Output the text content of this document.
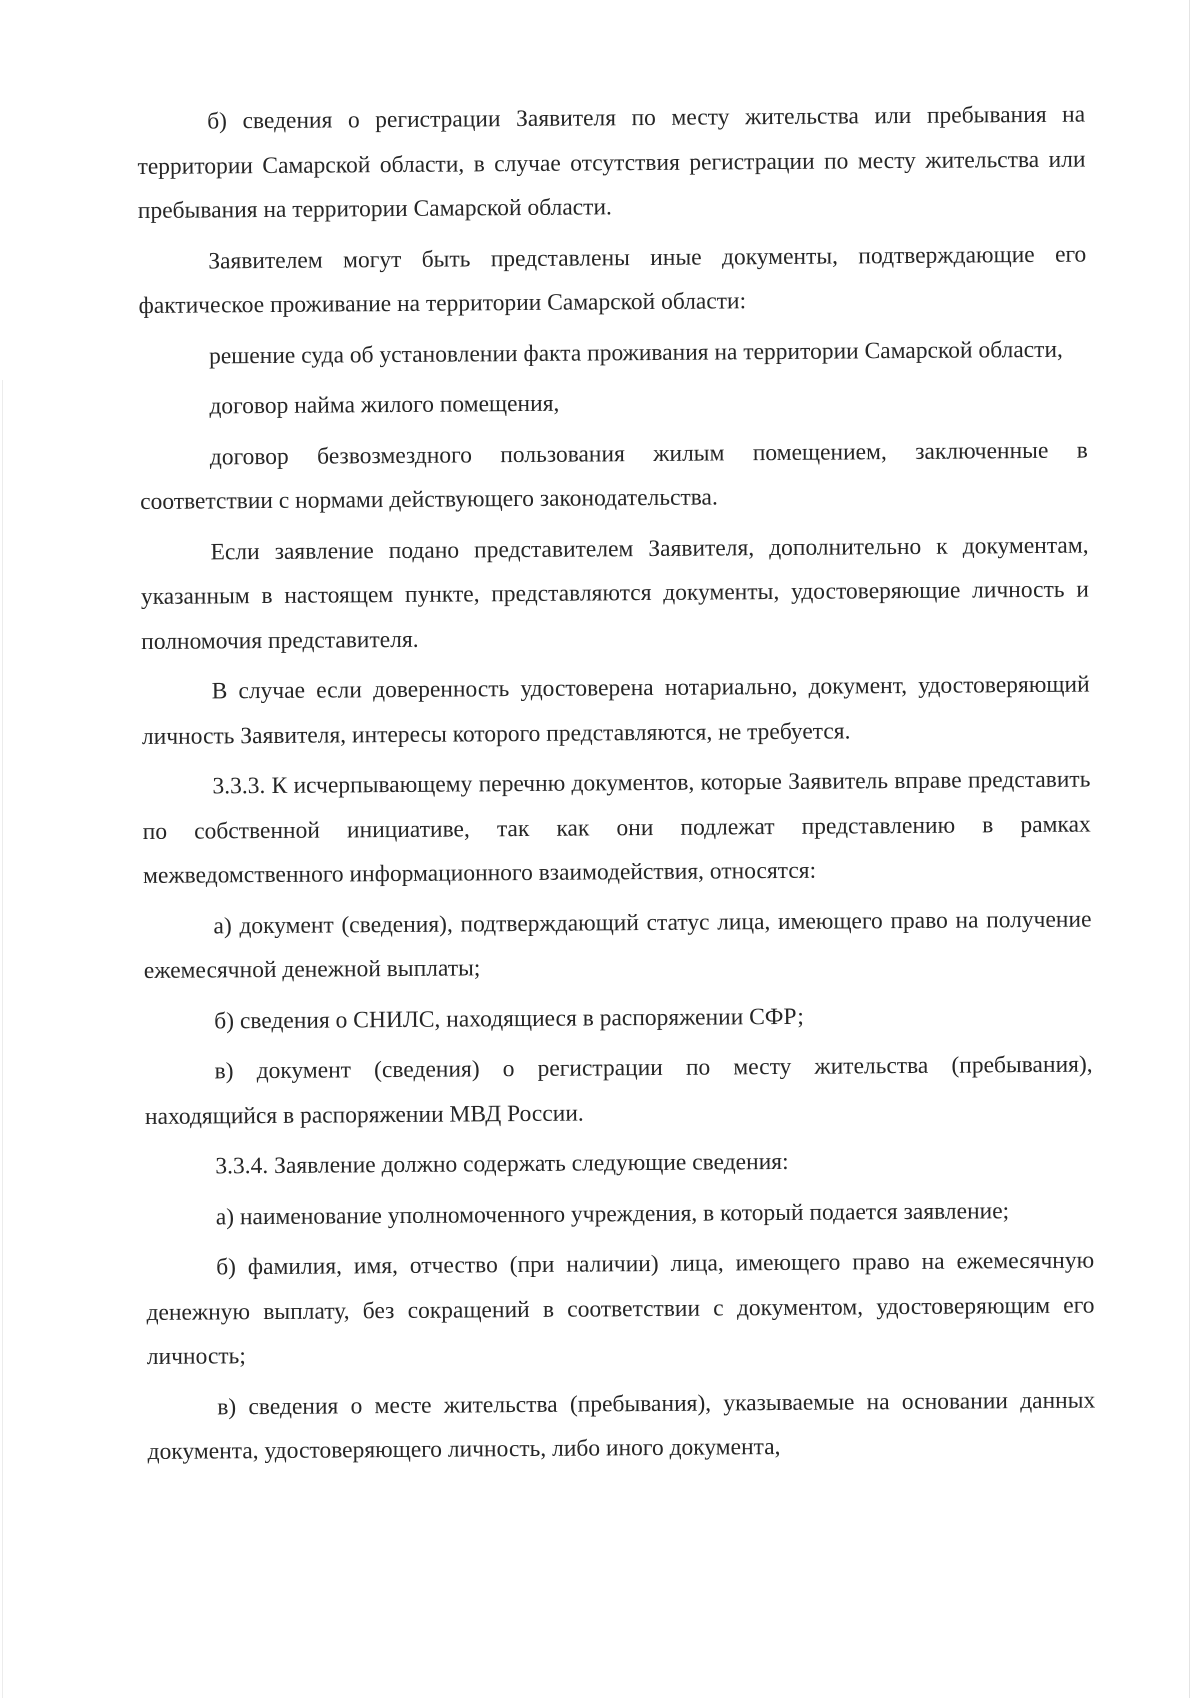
б) сведения о регистрации Заявителя по месту жительства или пребывания на территории Самарской области, в случае отсутствия регистрации по месту жительства или пребывания на территории Самарской области.

Заявителем могут быть представлены иные документы, подтверждающие его фактическое проживание на территории Самарской области:

решение суда об установлении факта проживания на территории Самарской области,

договор найма жилого помещения,

договор безвозмездного пользования жилым помещением, заключенные в соответствии с нормами действующего законодательства.

Если заявление подано представителем Заявителя, дополнительно к документам, указанным в настоящем пункте, представляются документы, удостоверяющие личность и полномочия представителя.

В случае если доверенность удостоверена нотариально, документ, удостоверяющий личность Заявителя, интересы которого представляются, не требуется.

3.3.3. К исчерпывающему перечню документов, которые Заявитель вправе представить по собственной инициативе, так как они подлежат представлению в рамках межведомственного информационного взаимодействия, относятся:

а) документ (сведения), подтверждающий статус лица, имеющего право на получение ежемесячной денежной выплаты;

б) сведения о СНИЛС, находящиеся в распоряжении СФР;

в) документ (сведения) о регистрации по месту жительства (пребывания), находящийся в распоряжении МВД России.

3.3.4. Заявление должно содержать следующие сведения:

а) наименование уполномоченного учреждения, в который подается заявление;

б) фамилия, имя, отчество (при наличии) лица, имеющего право на ежемесячную денежную выплату, без сокращений в соответствии с документом, удостоверяющим его личность;

в) сведения о месте жительства (пребывания), указываемые на основании данных документа, удостоверяющего личность, либо иного документа,
